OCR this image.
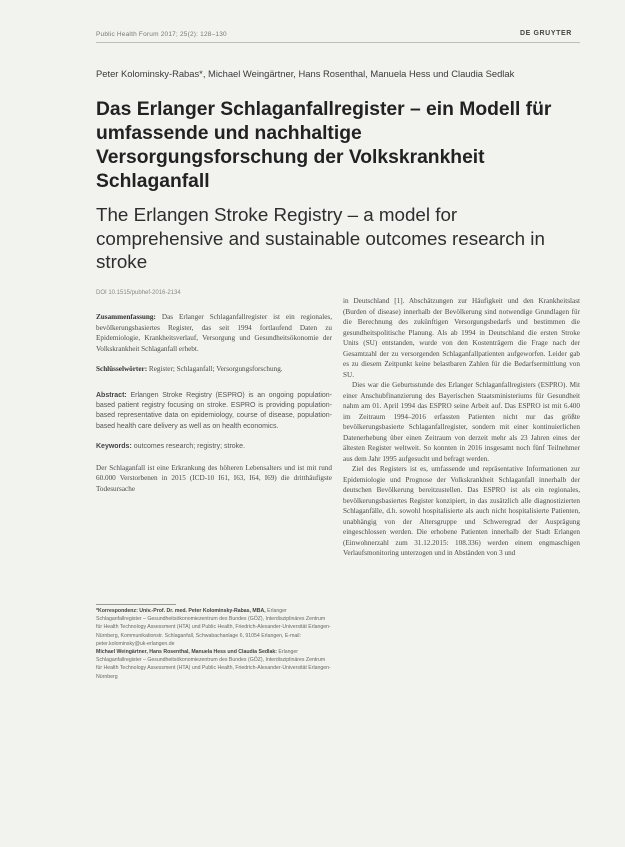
Public Health Forum 2017; 25(2): 128–130	DE GRUYTER
Peter Kolominsky-Rabas*, Michael Weingärtner, Hans Rosenthal, Manuela Hess und Claudia Sedlak
Das Erlanger Schlaganfallregister – ein Modell für umfassende und nachhaltige Versorgungsforschung der Volkskrankheit Schlaganfall
The Erlangen Stroke Registry – a model for comprehensive and sustainable outcomes research in stroke
DOI 10.1515/pubhef-2016-2134

Zusammenfassung: Das Erlanger Schlaganfallregister ist ein regionales, bevölkerungsbasiertes Register, das seit 1994 fortlaufend Daten zu Epidemiologie, Krankheitsverlauf, Versorgung und Gesundheitsökonomie der Volkskrankheit Schlaganfall erhebt.

Schlüsselwörter: Register; Schlaganfall; Versorgungsforschung.

Abstract: Erlangen Stroke Registry (ESPRO) is an ongoing population-based patient registry focusing on stroke. ESPRO is providing population-based representative data on epidemiology, course of disease, population-based health care delivery as well as on health economics.

Keywords: outcomes research; registry; stroke.

Der Schlaganfall ist eine Erkrankung des höheren Lebensalters und ist mit rund 60.000 Verstorbenen in 2015 (ICD-10 I61, I63, I64, I69) die dritthäufigste Todesursache

*Korrespondenz: Univ.-Prof. Dr. med. Peter Kolominsky-Rabas, MBA, Erlanger Schlaganfallregister – Gesundheitsökonomiezentrum des Bundes (GÖZ), Interdisziplinäres Zentrum für Health Technology Assessment (HTA) und Public Health, Friedrich-Alexander-Universität Erlangen-Nürnberg, Kommunikationstr. Schlaganfall, Schwabachanlage 6, 91054 Erlangen, E-mail: peter.kolominsky@uk-erlangen.de
Michael Weingärtner, Hans Rosenthal, Manuela Hess und Claudia Sedlak: Erlanger Schlaganfallregister – Gesundheitsökonomiezentrum des Bundes (GÖZ), Interdisziplinäres Zentrum für Health Technology Assessment (HTA) und Public Health, Friedrich-Alexander-Universität Erlangen-Nürnberg

in Deutschland [1]. Abschätzungen zur Häufigkeit und den Krankheitslast (Burden of disease) innerhalb der Bevölkerung sind notwendige Grundlagen für die Berechnung des zukünftigen Versorgungsbedarfs und bestimmen die gesundheitspolitische Planung. Als ab 1994 in Deutschland die ersten Stroke Units (SU) entstanden, wurde von den Kostenträgern die Frage nach der Gesamtzahl der zu versorgenden Schlaganfallpatienten aufgeworfen. Leider gab es zu diesem Zeitpunkt keine belastbaren Zahlen für die Bedarfsermittlung von SU.

Dies war die Geburtsstunde des Erlanger Schlaganfallregisters (ESPRO). Mit einer Anschubfinanzierung des Bayerischen Staatsministeriums für Gesundheit nahm am 01. April 1994 das ESPRO seine Arbeit auf. Das ESPRO ist mit 6.400 im Zeitraum 1994–2016 erfassten Patienten nicht nur das größte bevölkerungsbasierte Schlaganfallregister, sondern mit einer kontinuierlichen Datenerhebung über einen Zeitraum von derzeit mehr als 23 Jahren eines der ältesten Register weltweit. So konnten in 2016 insgesamt noch fünf Teilnehmer aus dem Jahr 1995 aufgesucht und befragt werden.

Ziel des Registers ist es, umfassende und repräsentative Informationen zur Epidemiologie und Prognose der Volkskrankheit Schlaganfall innerhalb der deutschen Bevölkerung bereitzustellen. Das ESPRO ist als ein regionales, bevölkerungsbasiertes Register konzipiert, in das zusätzlich alle diagnostizierten Schlaganfälle, d.h. sowohl hospitalisierte als auch nicht hospitalisierte Patienten, unabhängig von der Altersgruppe und Schweregrad der Ausprägung eingeschlossen werden. Die erhobene Patienten innerhalb der Stadt Erlangen (Einwohnerzahl zum 31.12.2015: 108.336) werden einem engmaschigen Verlaufsmonitoring unterzogen und in Abständen von 3 und
